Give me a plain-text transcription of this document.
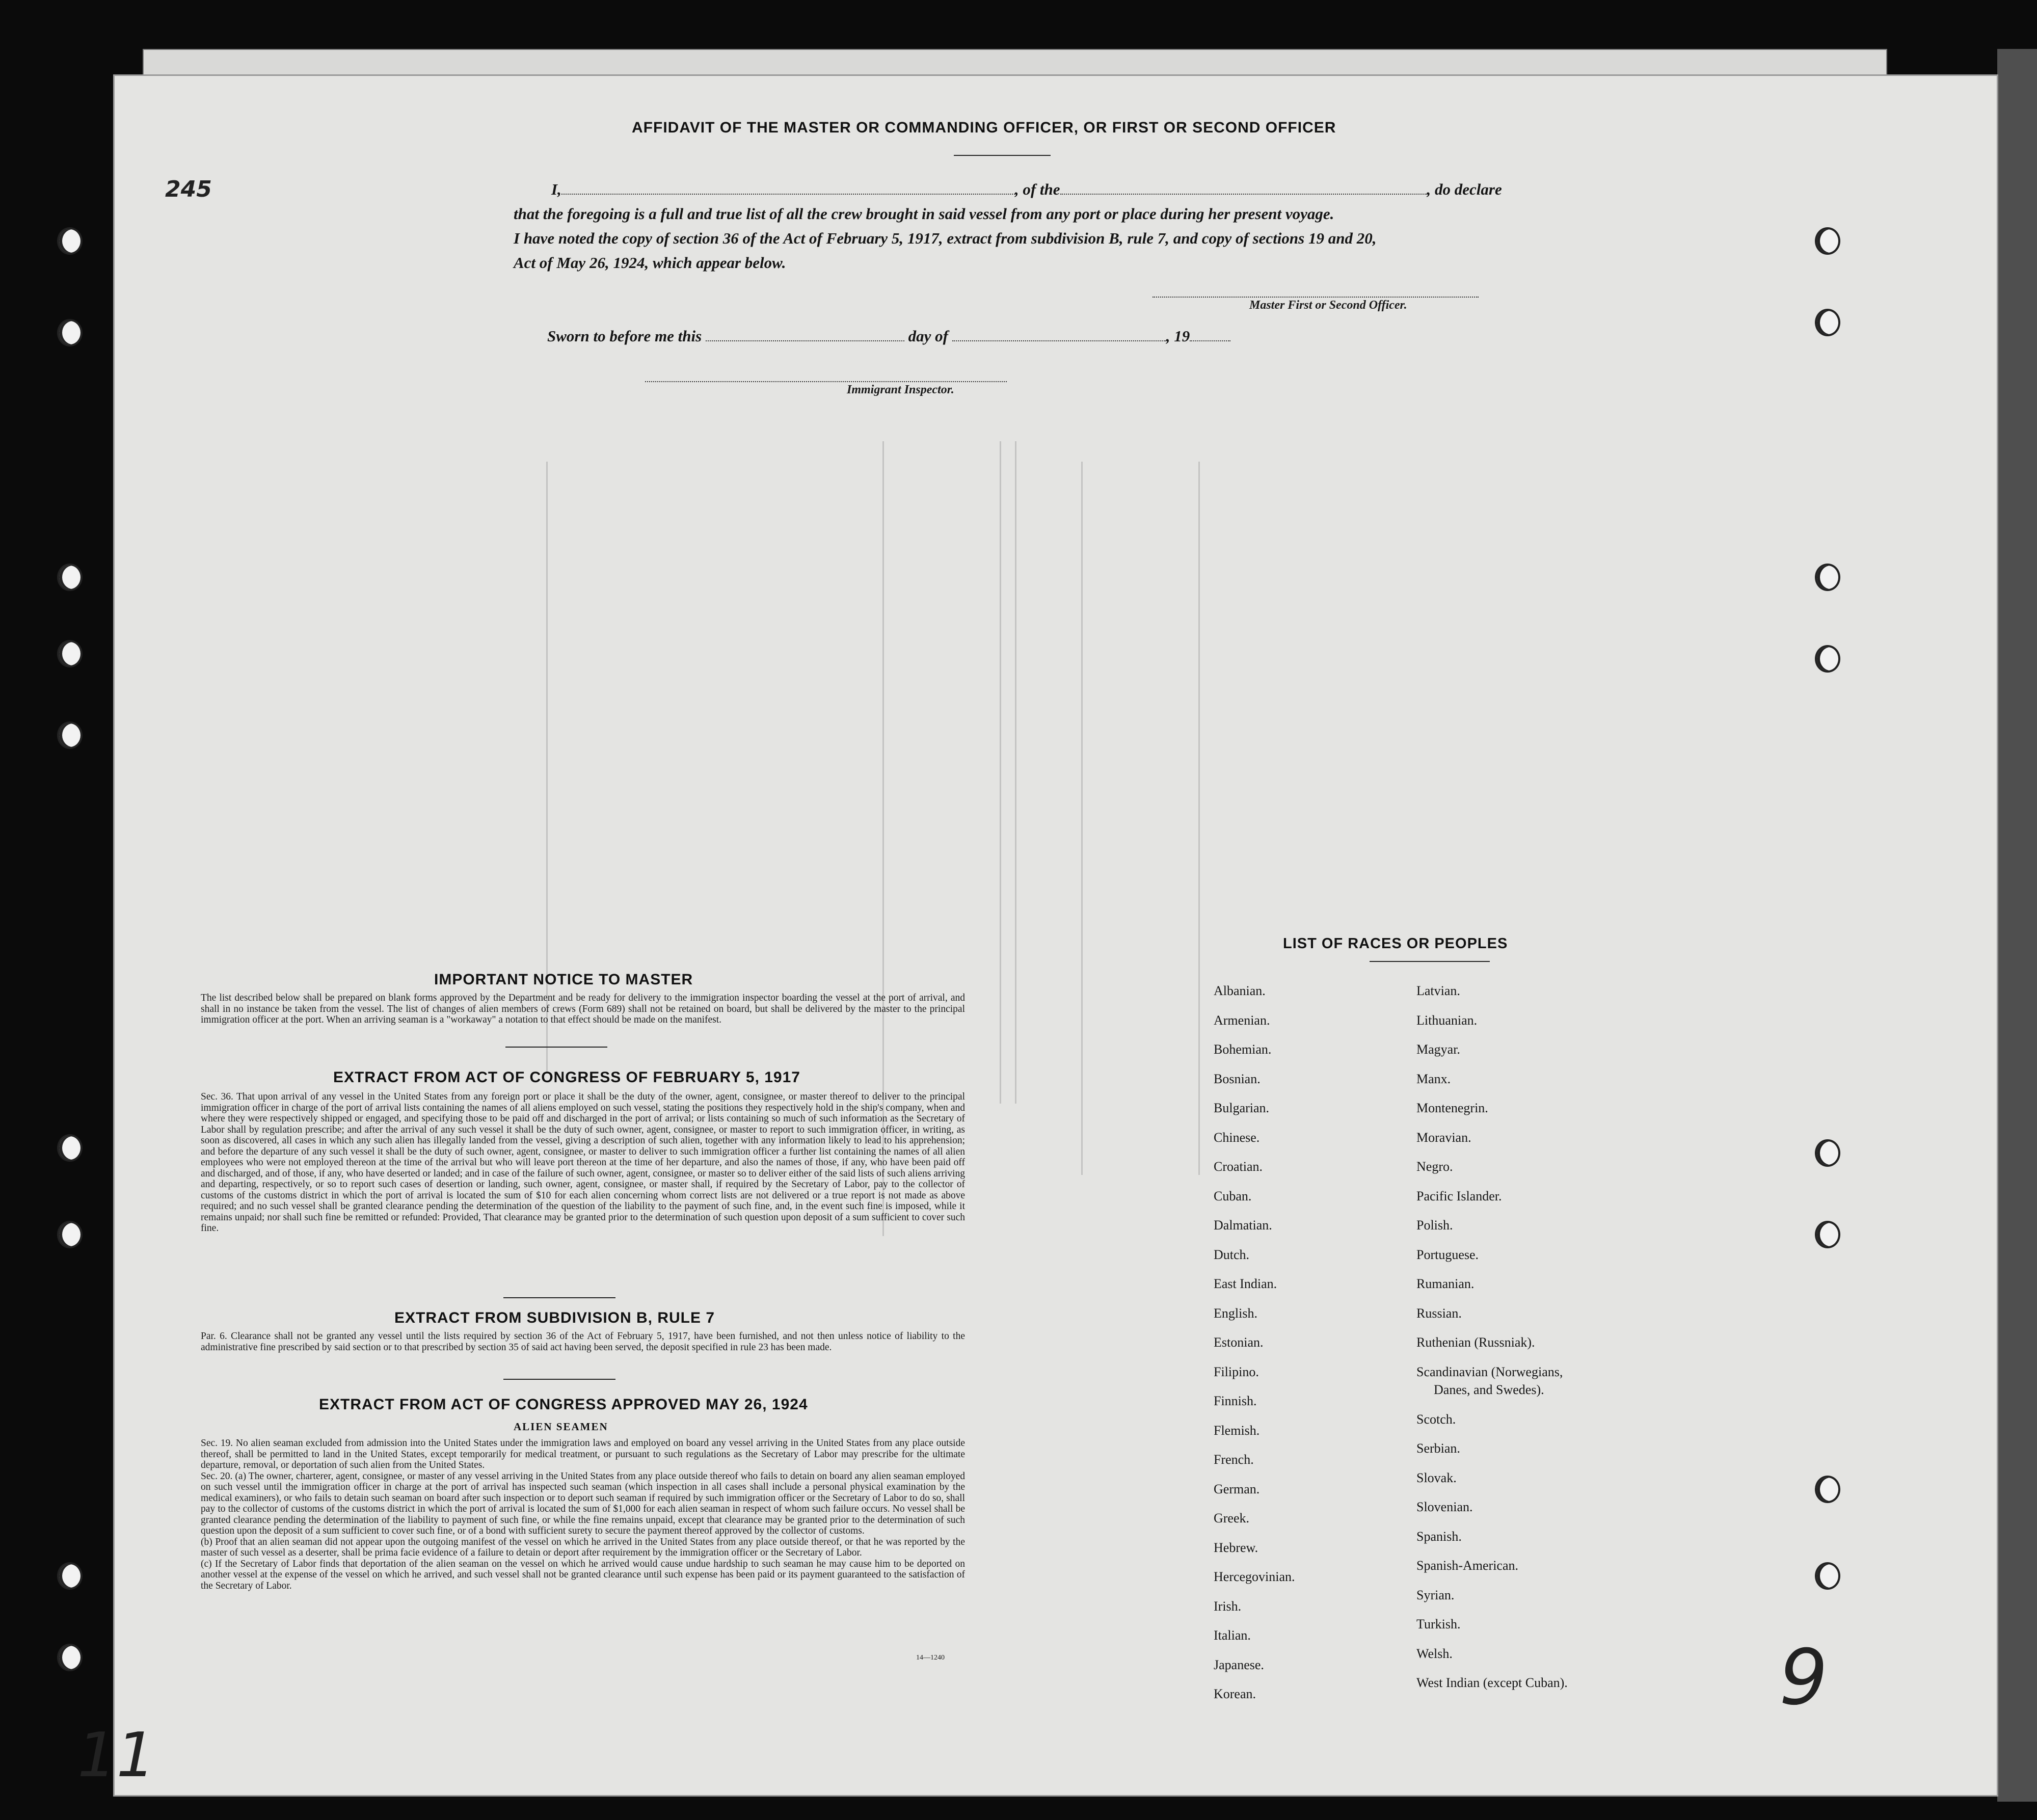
245
11
9
AFFIDAVIT OF THE MASTER OR COMMANDING OFFICER, OR FIRST OR SECOND OFFICER
I,	, of the	, do declare
that the foregoing is a full and true list of all the crew brought in said vessel from any port or place during her present voyage.
I have noted the copy of section 36 of the Act of February 5, 1917, extract from subdivision B, rule 7, and copy of sections 19 and 20,
Act of May 26, 1924, which appear below.
Master First or Second Officer.
Sworn to before me this	day of	, 19
Immigrant Inspector.
IMPORTANT NOTICE TO MASTER
The list described below shall be prepared on blank forms approved by the Department and be ready for delivery to the immigration inspector boarding the vessel at the port of arrival, and shall in no instance be taken from the vessel. The list of changes of alien members of crews (Form 689) shall not be retained on board, but shall be delivered by the master to the principal immigration officer at the port. When an arriving seaman is a "workaway" a notation to that effect should be made on the manifest.
EXTRACT FROM ACT OF CONGRESS OF FEBRUARY 5, 1917
Sec. 36. That upon arrival of any vessel in the United States from any foreign port or place it shall be the duty of the owner, agent, consignee, or master thereof to deliver to the principal immigration officer in charge of the port of arrival lists containing the names of all aliens employed on such vessel, stating the positions they respectively hold in the ship's company, when and where they were respectively shipped or engaged, and specifying those to be paid off and discharged in the port of arrival; or lists containing so much of such information as the Secretary of Labor shall by regulation prescribe; and after the arrival of any such vessel it shall be the duty of such owner, agent, consignee, or master to report to such immigration officer, in writing, as soon as discovered, all cases in which any such alien has illegally landed from the vessel, giving a description of such alien, together with any information likely to lead to his apprehension; and before the departure of any such vessel it shall be the duty of such owner, agent, consignee, or master to deliver to such immigration officer a further list containing the names of all alien employees who were not employed thereon at the time of the arrival but who will leave port thereon at the time of her departure, and also the names of those, if any, who have been paid off and discharged, and of those, if any, who have deserted or landed; and in case of the failure of such owner, agent, consignee, or master so to deliver either of the said lists of such aliens arriving and departing, respectively, or so to report such cases of desertion or landing, such owner, agent, consignee, or master shall, if required by the Secretary of Labor, pay to the collector of customs of the customs district in which the port of arrival is located the sum of $10 for each alien concerning whom correct lists are not delivered or a true report is not made as above required; and no such vessel shall be granted clearance pending the determination of the question of the liability to the payment of such fine, and, in the event such fine is imposed, while it remains unpaid; nor shall such fine be remitted or refunded: Provided, That clearance may be granted prior to the determination of such question upon deposit of a sum sufficient to cover such fine.
EXTRACT FROM SUBDIVISION B, RULE 7
Par. 6. Clearance shall not be granted any vessel until the lists required by section 36 of the Act of February 5, 1917, have been furnished, and not then unless notice of liability to the administrative fine prescribed by said section or to that prescribed by section 35 of said act having been served, the deposit specified in rule 23 has been made.
EXTRACT FROM ACT OF CONGRESS APPROVED MAY 26, 1924
ALIEN SEAMEN
Sec. 19. No alien seaman excluded from admission into the United States under the immigration laws and employed on board any vessel arriving in the United States from any place outside thereof, shall be permitted to land in the United States, except temporarily for medical treatment, or pursuant to such regulations as the Secretary of Labor may prescribe for the ultimate departure, removal, or deportation of such alien from the United States.
Sec. 20. (a) The owner, charterer, agent, consignee, or master of any vessel arriving in the United States from any place outside thereof who fails to detain on board any alien seaman employed on such vessel until the immigration officer in charge at the port of arrival has inspected such seaman (which inspection in all cases shall include a personal physical examination by the medical examiners), or who fails to detain such seaman on board after such inspection or to deport such seaman if required by such immigration officer or the Secretary of Labor to do so, shall pay to the collector of customs of the customs district in which the port of arrival is located the sum of $1,000 for each alien seaman in respect of whom such failure occurs. No vessel shall be granted clearance pending the determination of the liability to payment of such fine, or while the fine remains unpaid, except that clearance may be granted prior to the determination of such question upon the deposit of a sum sufficient to cover such fine, or of a bond with sufficient surety to secure the payment thereof approved by the collector of customs.
(b) Proof that an alien seaman did not appear upon the outgoing manifest of the vessel on which he arrived in the United States from any place outside thereof, or that he was reported by the master of such vessel as a deserter, shall be prima facie evidence of a failure to detain or deport after requirement by the immigration officer or the Secretary of Labor.
(c) If the Secretary of Labor finds that deportation of the alien seaman on the vessel on which he arrived would cause undue hardship to such seaman he may cause him to be deported on another vessel at the expense of the vessel on which he arrived, and such vessel shall not be granted clearance until such expense has been paid or its payment guaranteed to the satisfaction of the Secretary of Labor.
14—1240
LIST OF RACES OR PEOPLES
Albanian.
Armenian.
Bohemian.
Bosnian.
Bulgarian.
Chinese.
Croatian.
Cuban.
Dalmatian.
Dutch.
East Indian.
English.
Estonian.
Filipino.
Finnish.
Flemish.
French.
German.
Greek.
Hebrew.
Hercegovinian.
Irish.
Italian.
Japanese.
Korean.
Latvian.
Lithuanian.
Magyar.
Manx.
Montenegrin.
Moravian.
Negro.
Pacific Islander.
Polish.
Portuguese.
Rumanian.
Russian.
Ruthenian (Russniak).
Scandinavian (Norwegians,
Danes, and Swedes).
Scotch.
Serbian.
Slovak.
Slovenian.
Spanish.
Spanish-American.
Syrian.
Turkish.
Welsh.
West Indian (except Cuban).
